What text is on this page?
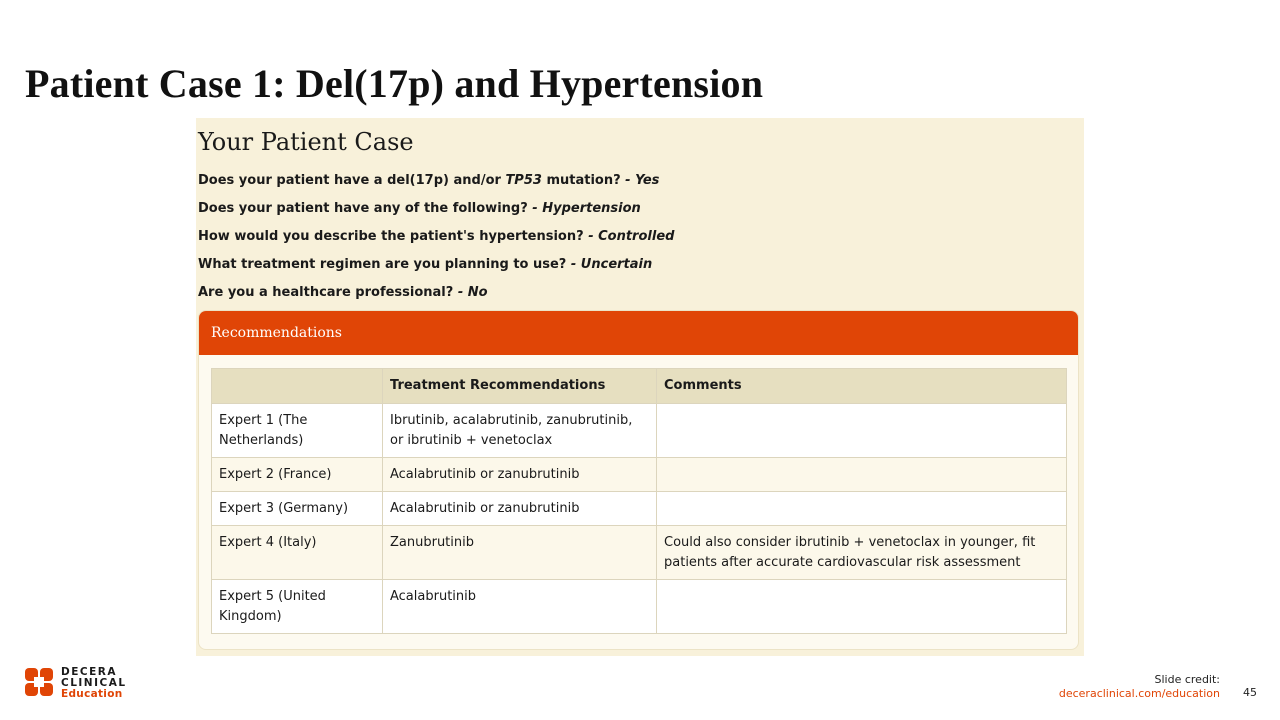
Patient Case 1: Del(17p) and Hypertension
Your Patient Case

Does your patient have a del(17p) and/or TP53 mutation? - Yes

Does your patient have any of the following? - Hypertension

How would you describe the patient's hypertension? - Controlled

What treatment regimen are you planning to use? - Uncertain

Are you a healthcare professional? - No

Recommendations
	Treatment Recommendations	Comments
Expert 1 (The Netherlands)	Ibrutinib, acalabrutinib, zanubrutinib, or ibrutinib + venetoclax	
Expert 2 (France)	Acalabrutinib or zanubrutinib	
Expert 3 (Germany)	Acalabrutinib or zanubrutinib	
Expert 4 (Italy)	Zanubrutinib	Could also consider ibrutinib + venetoclax in younger, fit patients after accurate cardiovascular risk assessment
Expert 5 (United Kingdom)	Acalabrutinib	
DECERA
CLINICAL
Education
Slide credit:
deceraclinical.com/education 45
